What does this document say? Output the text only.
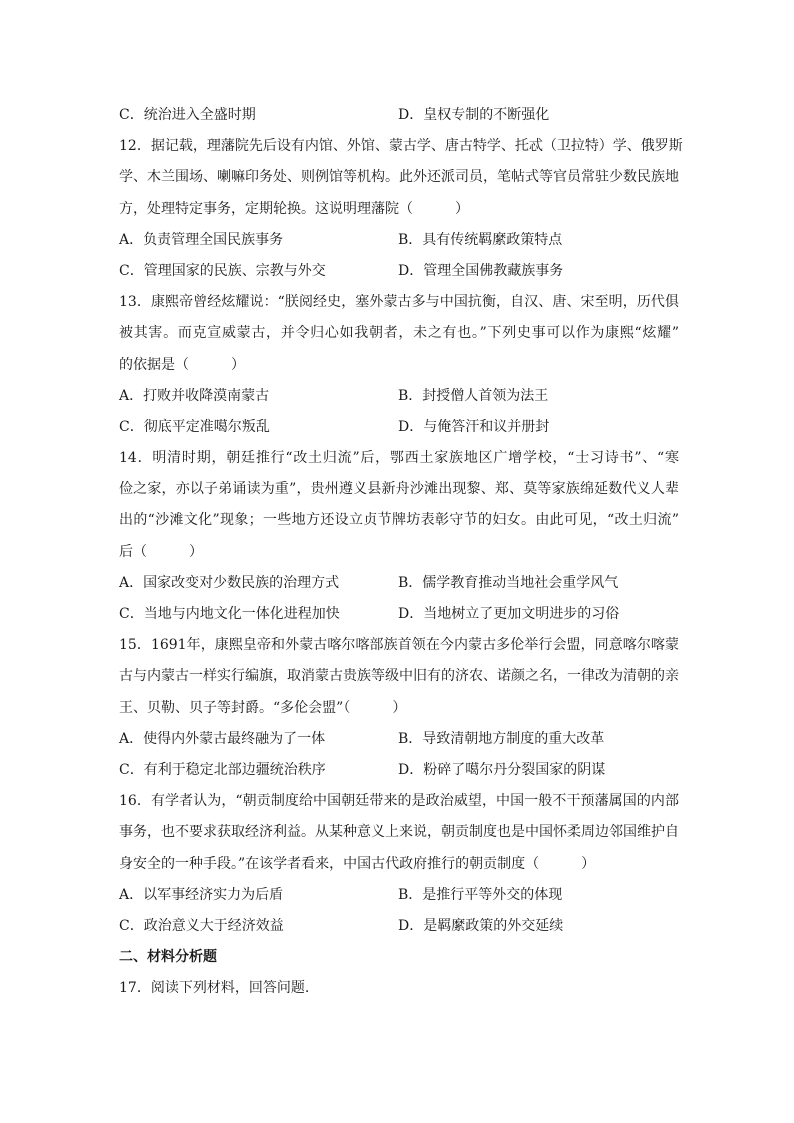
C．统治进入全盛时期	D．皇权专制的不断强化
12．据记载，理藩院先后设有内馆、外馆、蒙古学、唐古特学、托忒（卫拉特）学、俄罗斯
学、木兰围场、喇嘛印务处、则例馆等机构。此外还派司员，笔帖式等官员常驻少数民族地
方，处理特定事务，定期轮换。这说明理藩院（　　　）
A．负责管理全国民族事务	B．具有传统羁縻政策特点
C．管理国家的民族、宗教与外交	D．管理全国佛教藏族事务
13．康熙帝曾经炫耀说：“朕阅经史，塞外蒙古多与中国抗衡，自汉、唐、宋至明，历代俱
被其害。而克宣威蒙古，并令归心如我朝者，未之有也。”下列史事可以作为康熙“炫耀”
的依据是（　　　）
A．打败并收降漠南蒙古	B．封授僧人首领为法王
C．彻底平定准噶尔叛乱	D．与俺答汗和议并册封
14．明清时期，朝廷推行“改土归流”后，鄂西土家族地区广增学校，“士习诗书”、“寒
俭之家，亦以子弟诵读为重”，贵州遵义县新舟沙滩出现黎、郑、莫等家族绵延数代义人辈
出的“沙滩文化”现象；一些地方还设立贞节牌坊表彰守节的妇女。由此可见，“改土归流”
后（　　　）
A．国家改变对少数民族的治理方式	B．儒学教育推动当地社会重学风气
C．当地与内地文化一体化进程加快	D．当地树立了更加文明进步的习俗
15．1691年，康熙皇帝和外蒙古喀尔喀部族首领在今内蒙古多伦举行会盟，同意喀尔喀蒙
古与内蒙古一样实行编旗，取消蒙古贵族等级中旧有的济农、诺颜之名，一律改为清朝的亲
王、贝勒、贝子等封爵。“多伦会盟”（　　　）
A．使得内外蒙古最终融为了一体	B．导致清朝地方制度的重大改革
C．有利于稳定北部边疆统治秩序	D．粉碎了噶尔丹分裂国家的阴谋
16．有学者认为，“朝贡制度给中国朝廷带来的是政治威望，中国一般不干预藩属国的内部
事务，也不要求获取经济利益。从某种意义上来说，朝贡制度也是中国怀柔周边邻国维护自
身安全的一种手段。”在该学者看来，中国古代政府推行的朝贡制度（　　　）
A．以军事经济实力为后盾	B．是推行平等外交的体现
C．政治意义大于经济效益	D．是羁縻政策的外交延续
二、材料分析题
17．阅读下列材料，回答问题.
